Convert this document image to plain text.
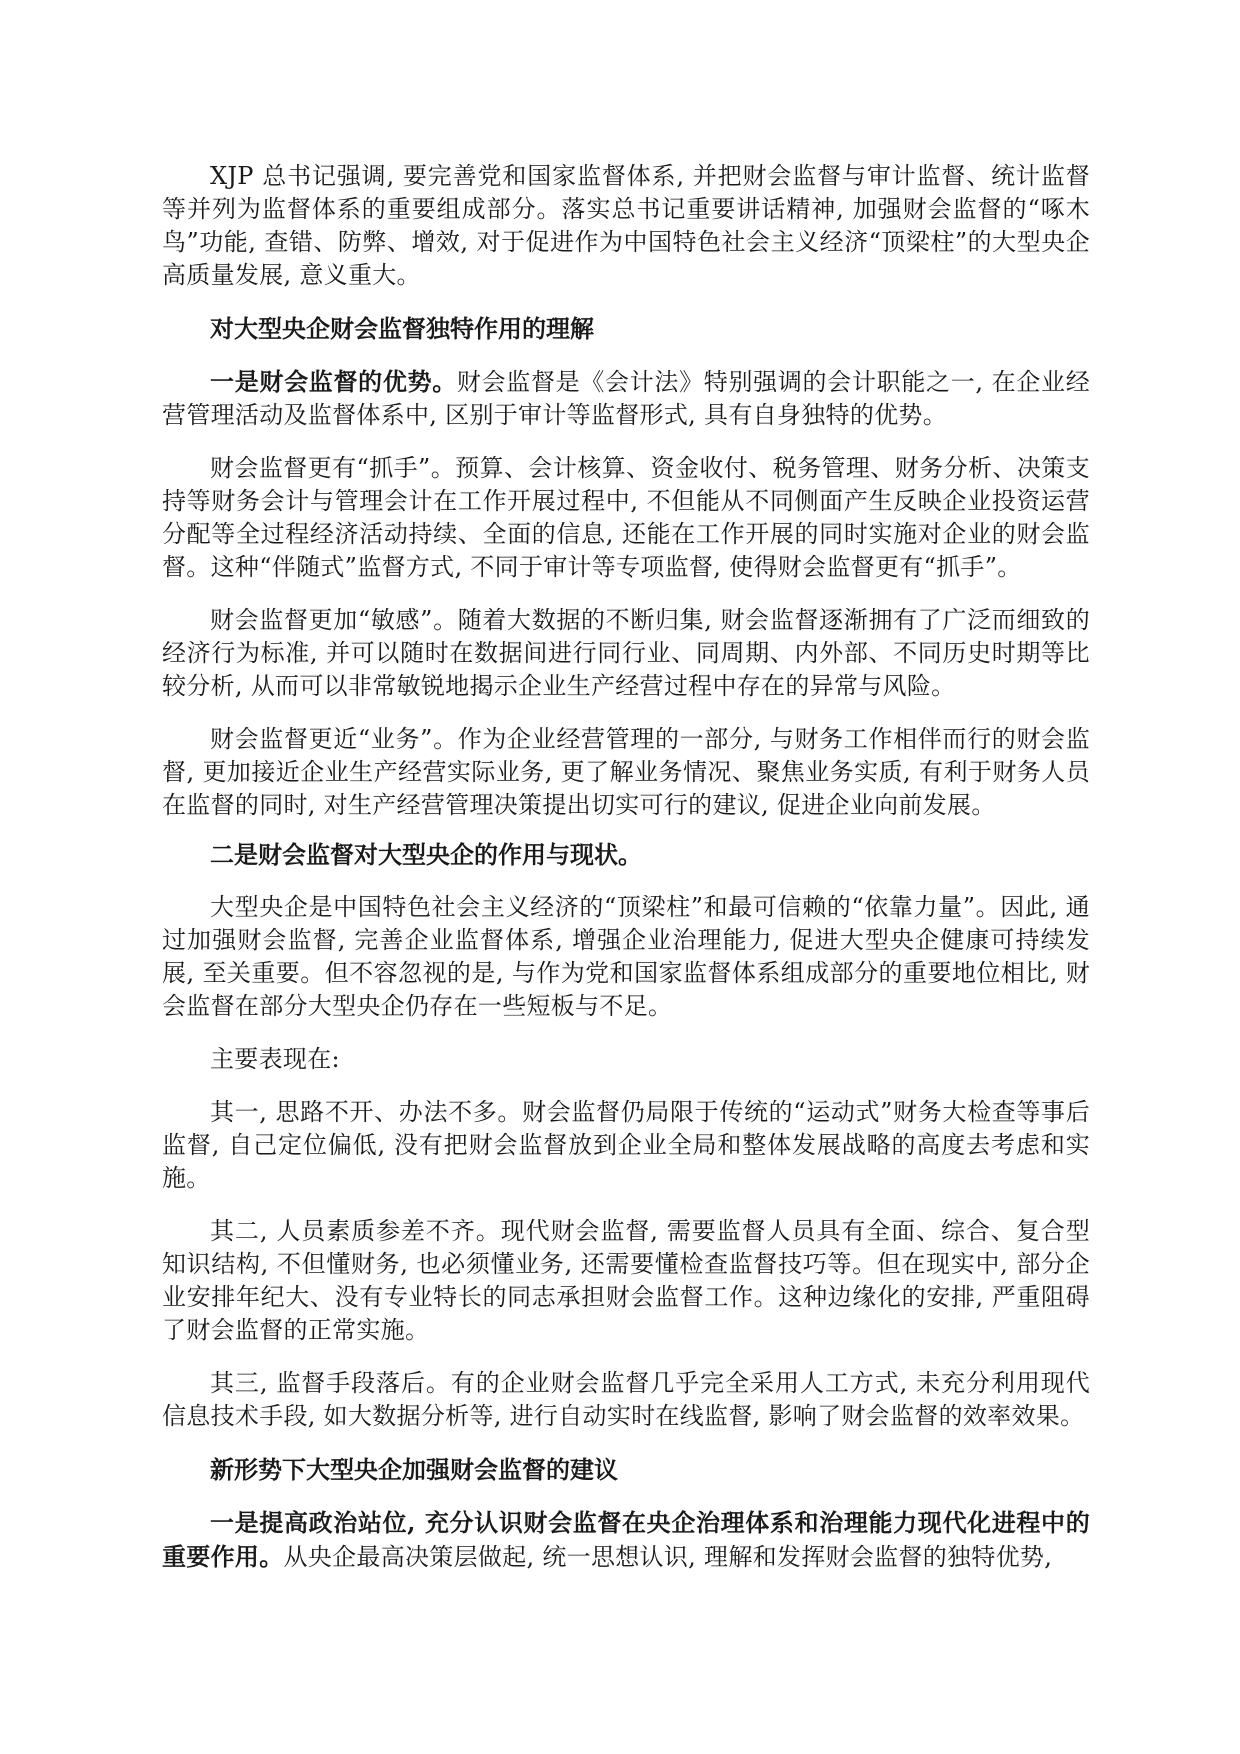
XJP 总书记强调, 要完善党和国家监督体系, 并把财会监督与审计监督、统计监督等并列为监督体系的重要组成部分。落实总书记重要讲话精神, 加强财会监督的“啄木鸟”功能, 查错、防弊、增效, 对于促进作为中国特色社会主义经济“顶梁柱”的大型央企高质量发展, 意义重大。

对大型央企财会监督独特作用的理解

一是财会监督的优势。财会监督是《会计法》特别强调的会计职能之一, 在企业经营管理活动及监督体系中, 区别于审计等监督形式, 具有自身独特的优势。

财会监督更有“抓手”。预算、会计核算、资金收付、税务管理、财务分析、决策支持等财务会计与管理会计在工作开展过程中, 不但能从不同侧面产生反映企业投资运营分配等全过程经济活动持续、全面的信息, 还能在工作开展的同时实施对企业的财会监督。这种“伴随式”监督方式, 不同于审计等专项监督, 使得财会监督更有“抓手”。

财会监督更加“敏感”。随着大数据的不断归集, 财会监督逐渐拥有了广泛而细致的经济行为标准, 并可以随时在数据间进行同行业、同周期、内外部、不同历史时期等比较分析, 从而可以非常敏锐地揭示企业生产经营过程中存在的异常与风险。

财会监督更近“业务”。作为企业经营管理的一部分, 与财务工作相伴而行的财会监督, 更加接近企业生产经营实际业务, 更了解业务情况、聚焦业务实质, 有利于财务人员在监督的同时, 对生产经营管理决策提出切实可行的建议, 促进企业向前发展。

二是财会监督对大型央企的作用与现状。

大型央企是中国特色社会主义经济的“顶梁柱”和最可信赖的“依靠力量”。因此, 通过加强财会监督, 完善企业监督体系, 增强企业治理能力, 促进大型央企健康可持续发展, 至关重要。但不容忽视的是, 与作为党和国家监督体系组成部分的重要地位相比, 财会监督在部分大型央企仍存在一些短板与不足。

主要表现在:

其一, 思路不开、办法不多。财会监督仍局限于传统的“运动式”财务大检查等事后监督, 自己定位偏低, 没有把财会监督放到企业全局和整体发展战略的高度去考虑和实施。

其二, 人员素质参差不齐。现代财会监督, 需要监督人员具有全面、综合、复合型知识结构, 不但懂财务, 也必须懂业务, 还需要懂检查监督技巧等。但在现实中, 部分企业安排年纪大、没有专业特长的同志承担财会监督工作。这种边缘化的安排, 严重阻碍了财会监督的正常实施。

其三, 监督手段落后。有的企业财会监督几乎完全采用人工方式, 未充分利用现代信息技术手段, 如大数据分析等, 进行自动实时在线监督, 影响了财会监督的效率效果。

新形势下大型央企加强财会监督的建议

一是提高政治站位, 充分认识财会监督在央企治理体系和治理能力现代化进程中的重要作用。从央企最高决策层做起, 统一思想认识, 理解和发挥财会监督的独特优势,
